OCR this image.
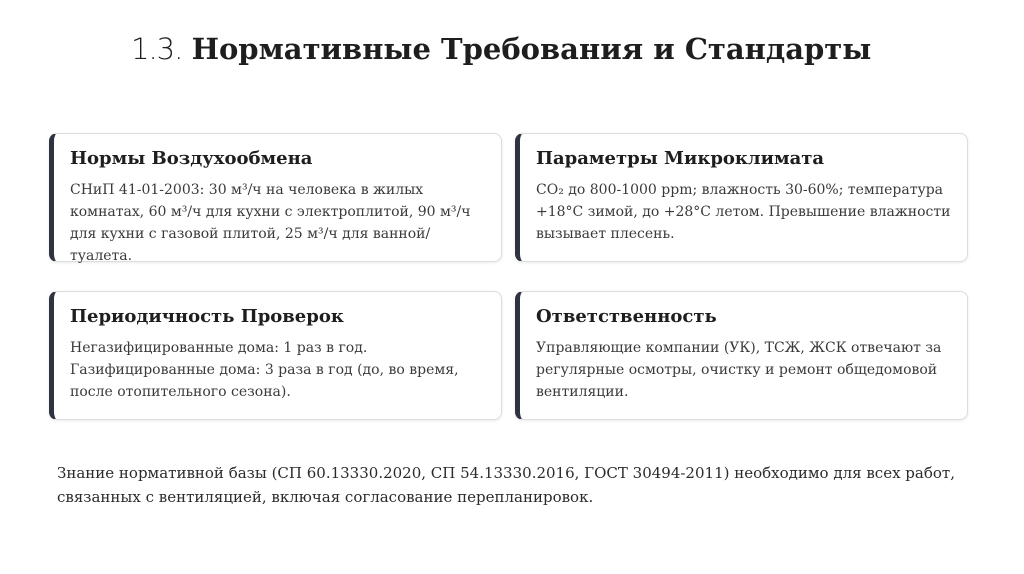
1.3. Нормативные Требования и Стандарты
Нормы Воздухообмена

СНиП 41-01-2003: 30 м³/ч на человека в жилых комнатах, 60 м³/ч для кухни с электроплитой, 90 м³/ч для кухни с газовой плитой, 25 м³/ч для ванной/туалета.

Параметры Микроклимата

CO₂ до 800-1000 ppm; влажность 30-60%; температура +18°C зимой, до +28°C летом. Превышение влажности вызывает плесень.

Периодичность Проверок

Негазифицированные дома: 1 раз в год. Газифицированные дома: 3 раза в год (до, во время, после отопительного сезона).

Ответственность

Управляющие компании (УК), ТСЖ, ЖСК отвечают за регулярные осмотры, очистку и ремонт общедомовой вентиляции.

Знание нормативной базы (СП 60.13330.2020, СП 54.13330.2016, ГОСТ 30494-2011) необходимо для всех работ, связанных с вентиляцией, включая согласование перепланировок.
